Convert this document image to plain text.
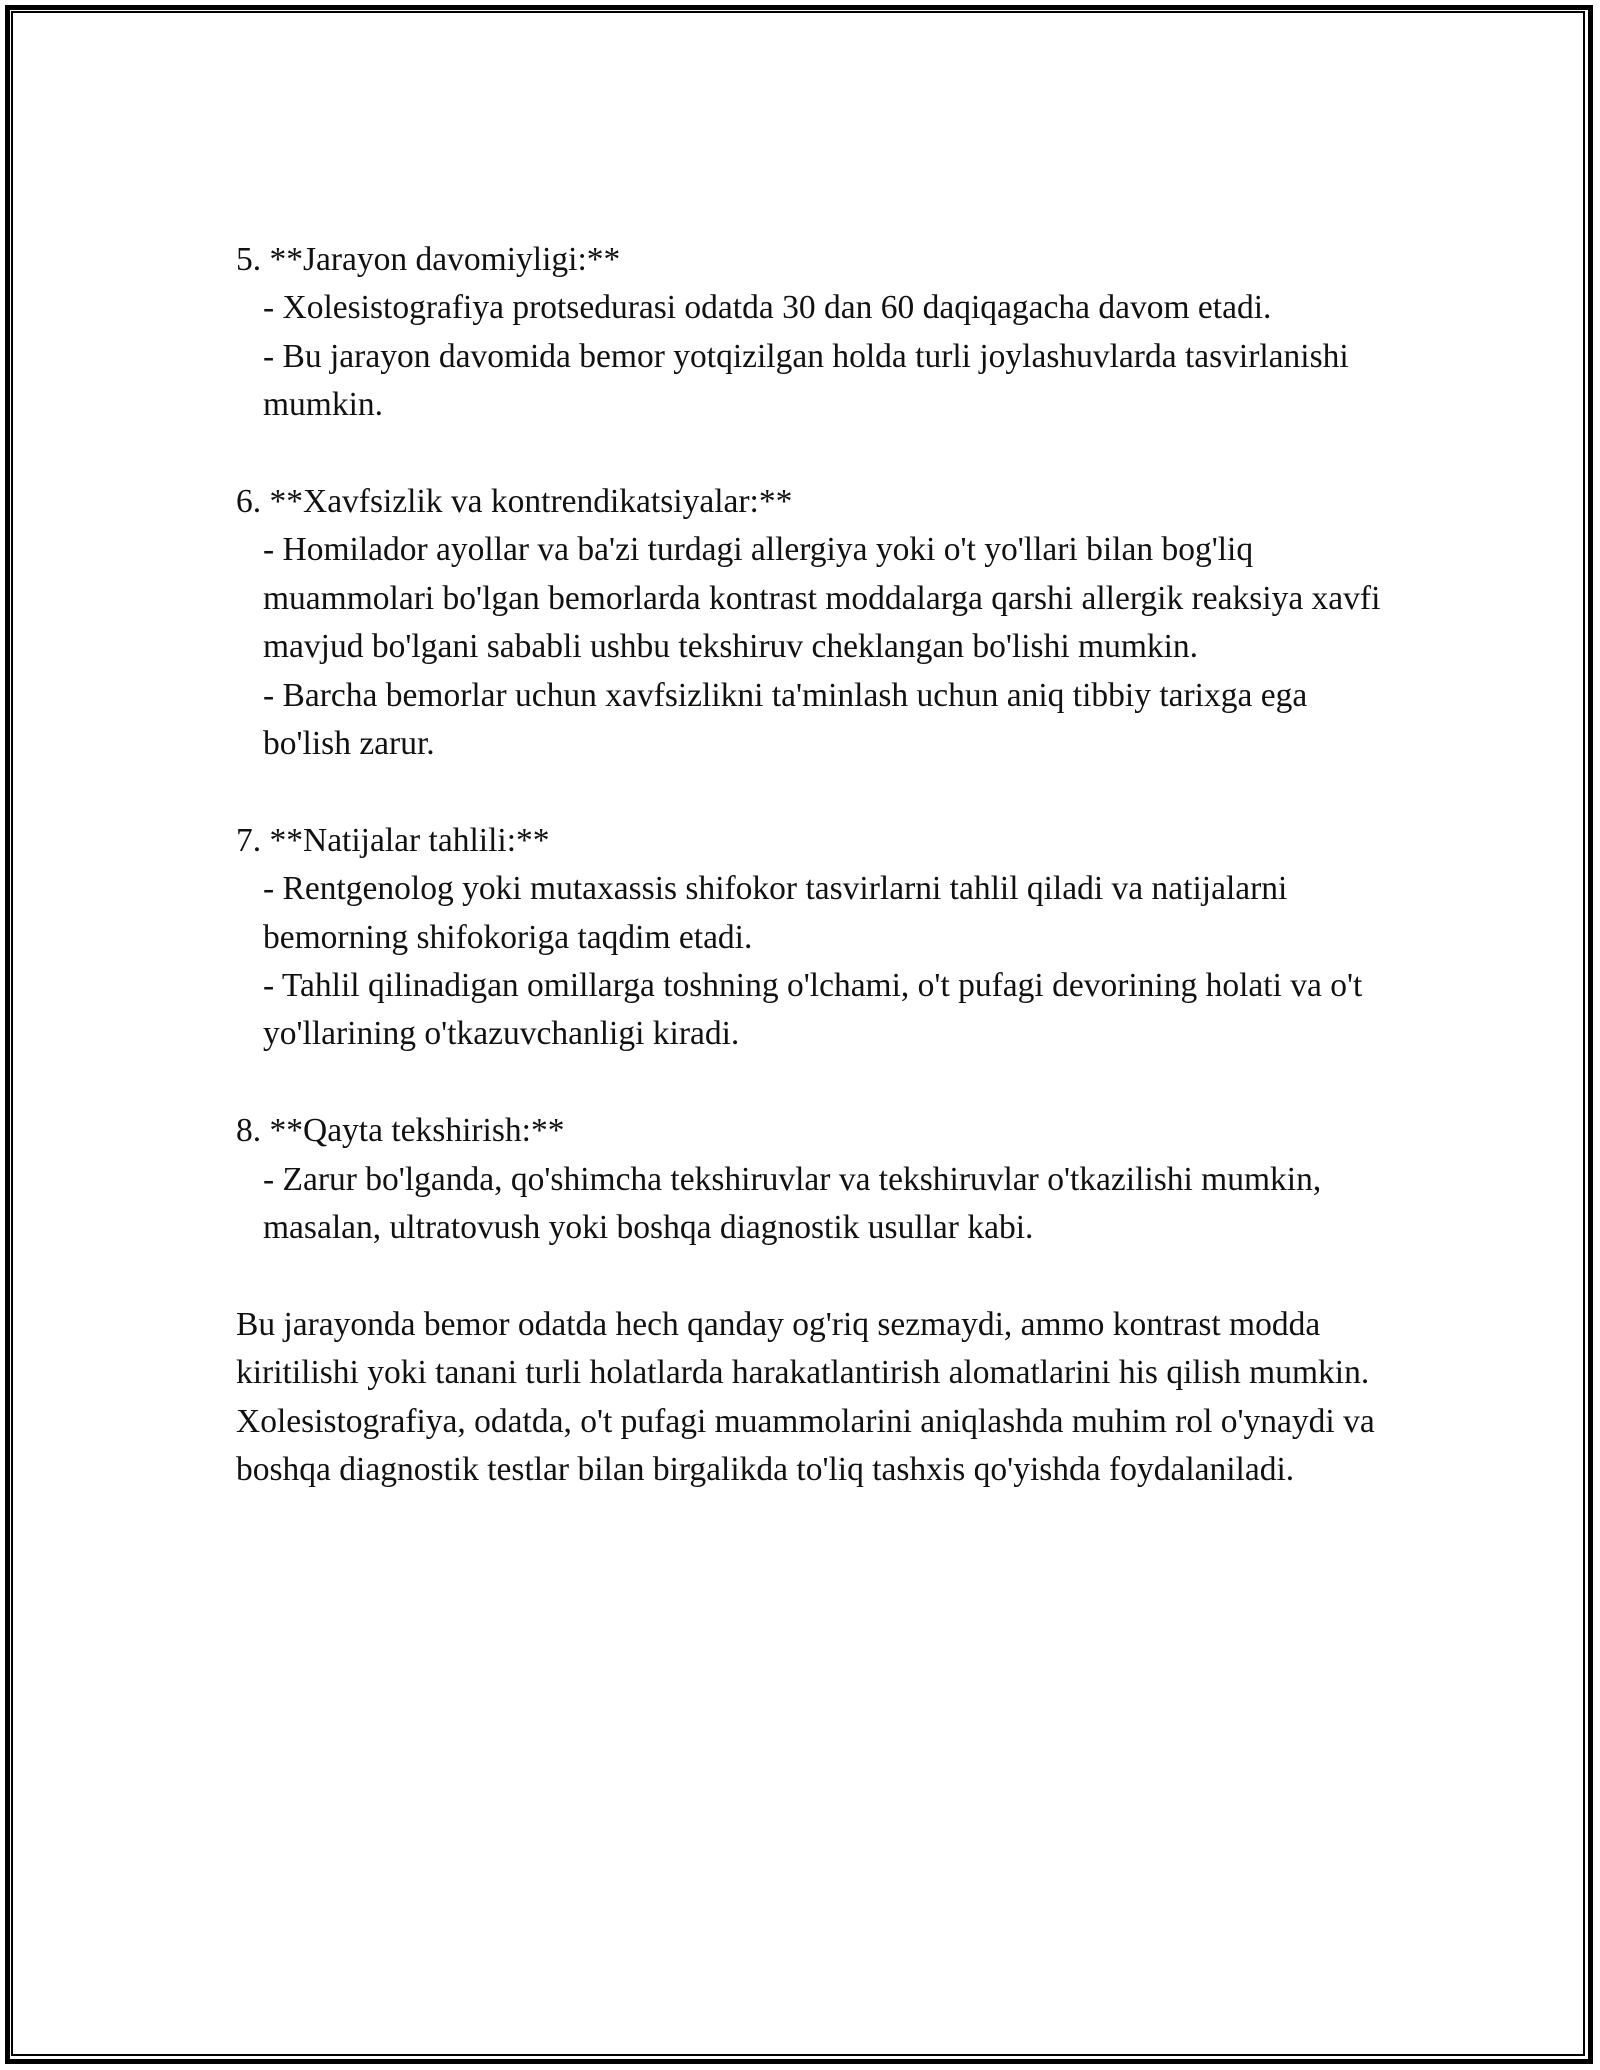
5. **Jarayon davomiyligi:**
- Xolesistografiya protsedurasi odatda 30 dan 60 daqiqagacha davom etadi.
- Bu jarayon davomida bemor yotqizilgan holda turli joylashuvlarda tasvirlanishi mumkin.
6. **Xavfsizlik va kontrendikatsiyalar:**
- Homilador ayollar va ba'zi turdagi allergiya yoki o't yo'llari bilan bog'liq muammolari bo'lgan bemorlarda kontrast moddalarga qarshi allergik reaksiya xavfi mavjud bo'lgani sababli ushbu tekshiruv cheklangan bo'lishi mumkin.
- Barcha bemorlar uchun xavfsizlikni ta'minlash uchun aniq tibbiy tarixga ega bo'lish zarur.
7. **Natijalar tahlili:**
- Rentgenolog yoki mutaxassis shifokor tasvirlarni tahlil qiladi va natijalarni bemorning shifokoriga taqdim etadi.
- Tahlil qilinadigan omillarga toshning o'lchami, o't pufagi devorining holati va o't yo'llarining o'tkazuvchanligi kiradi.
8. **Qayta tekshirish:**
- Zarur bo'lganda, qo'shimcha tekshiruvlar va tekshiruvlar o'tkazilishi mumkin, masalan, ultratovush yoki boshqa diagnostik usullar kabi.
Bu jarayonda bemor odatda hech qanday og'riq sezmaydi, ammo kontrast modda kiritilishi yoki tanani turli holatlarda harakatlantirish alomatlarini his qilish mumkin. Xolesistografiya, odatda, o't pufagi muammolarini aniqlashda muhim rol o'ynaydi va boshqa diagnostik testlar bilan birgalikda to'liq tashxis qo'yishda foydalaniladi.
